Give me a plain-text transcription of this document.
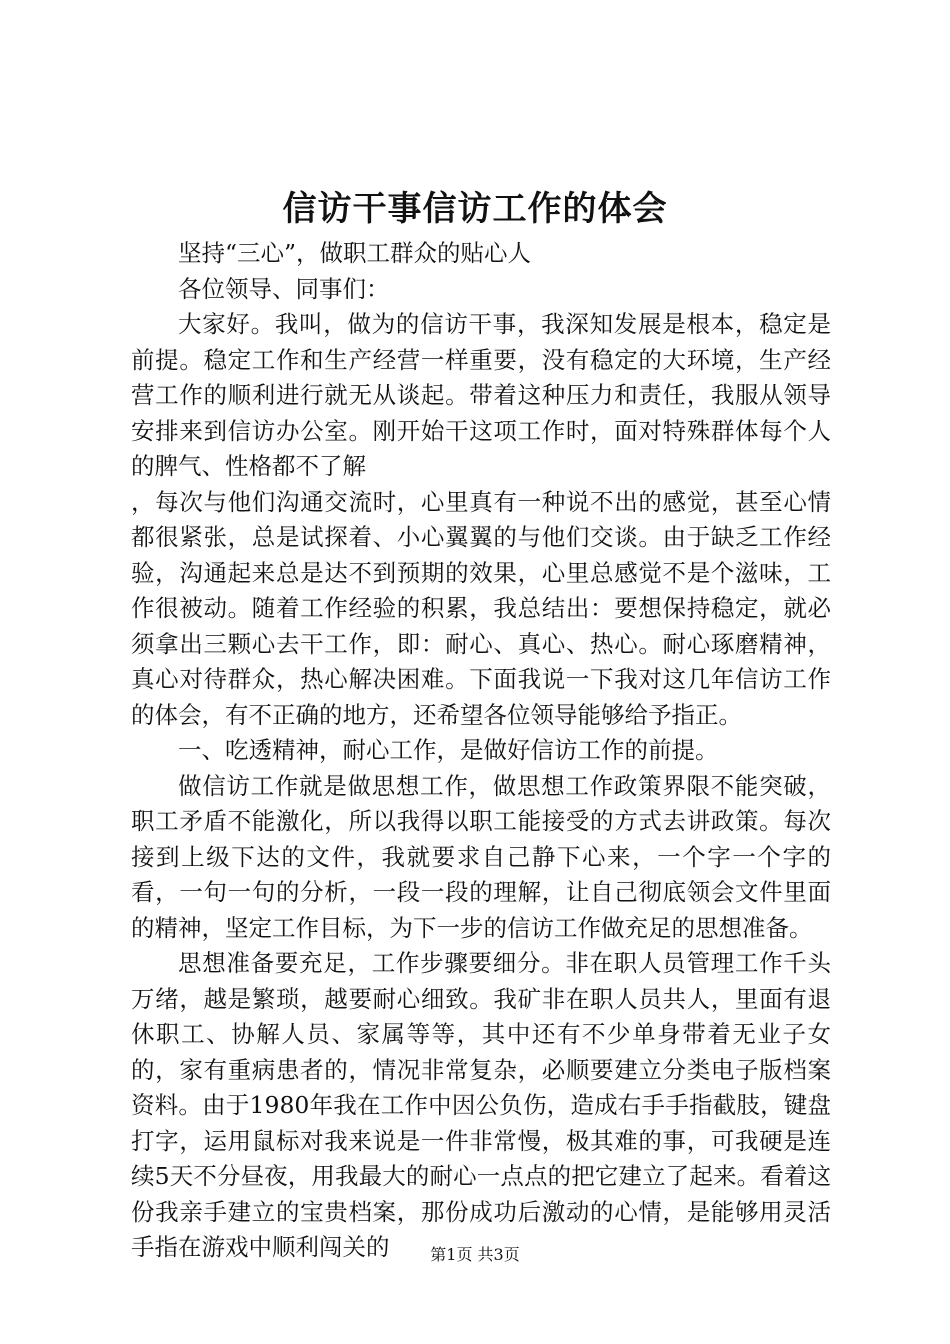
信访干事信访工作的体会

坚持“三心”，做职工群众的贴心人

各位领导、同事们：

大家好。我叫，做为的信访干事，我深知发展是根本，稳定是前提。稳定工作和生产经营一样重要，没有稳定的大环境，生产经营工作的顺利进行就无从谈起。带着这种压力和责任，我服从领导安排来到信访办公室。刚开始干这项工作时，面对特殊群体每个人的脾气、性格都不了解

，每次与他们沟通交流时，心里真有一种说不出的感觉，甚至心情都很紧张，总是试探着、小心翼翼的与他们交谈。由于缺乏工作经验，沟通起来总是达不到预期的效果，心里总感觉不是个滋味，工作很被动。随着工作经验的积累，我总结出：要想保持稳定，就必须拿出三颗心去干工作，即：耐心、真心、热心。耐心琢磨精神，真心对待群众，热心解决困难。下面我说一下我对这几年信访工作的体会，有不正确的地方，还希望各位领导能够给予指正。

一、吃透精神，耐心工作，是做好信访工作的前提。

做信访工作就是做思想工作，做思想工作政策界限不能突破，职工矛盾不能激化，所以我得以职工能接受的方式去讲政策。每次接到上级下达的文件，我就要求自己静下心来，一个字一个字的看，一句一句的分析，一段一段的理解，让自己彻底领会文件里面的精神，坚定工作目标，为下一步的信访工作做充足的思想准备。

思想准备要充足，工作步骤要细分。非在职人员管理工作千头万绪，越是繁琐，越要耐心细致。我矿非在职人员共人，里面有退休职工、协解人员、家属等等，其中还有不少单身带着无业子女的，家有重病患者的，情况非常复杂，必顺要建立分类电子版档案资料。由于1980年我在工作中因公负伤，造成右手手指截肢，键盘打字，运用鼠标对我来说是一件非常慢，极其难的事，可我硬是连续5天不分昼夜，用我最大的耐心一点点的把它建立了起来。看着这份我亲手建立的宝贵档案，那份成功后激动的心情，是能够用灵活手指在游戏中顺利闯关的	第1页 共3页
